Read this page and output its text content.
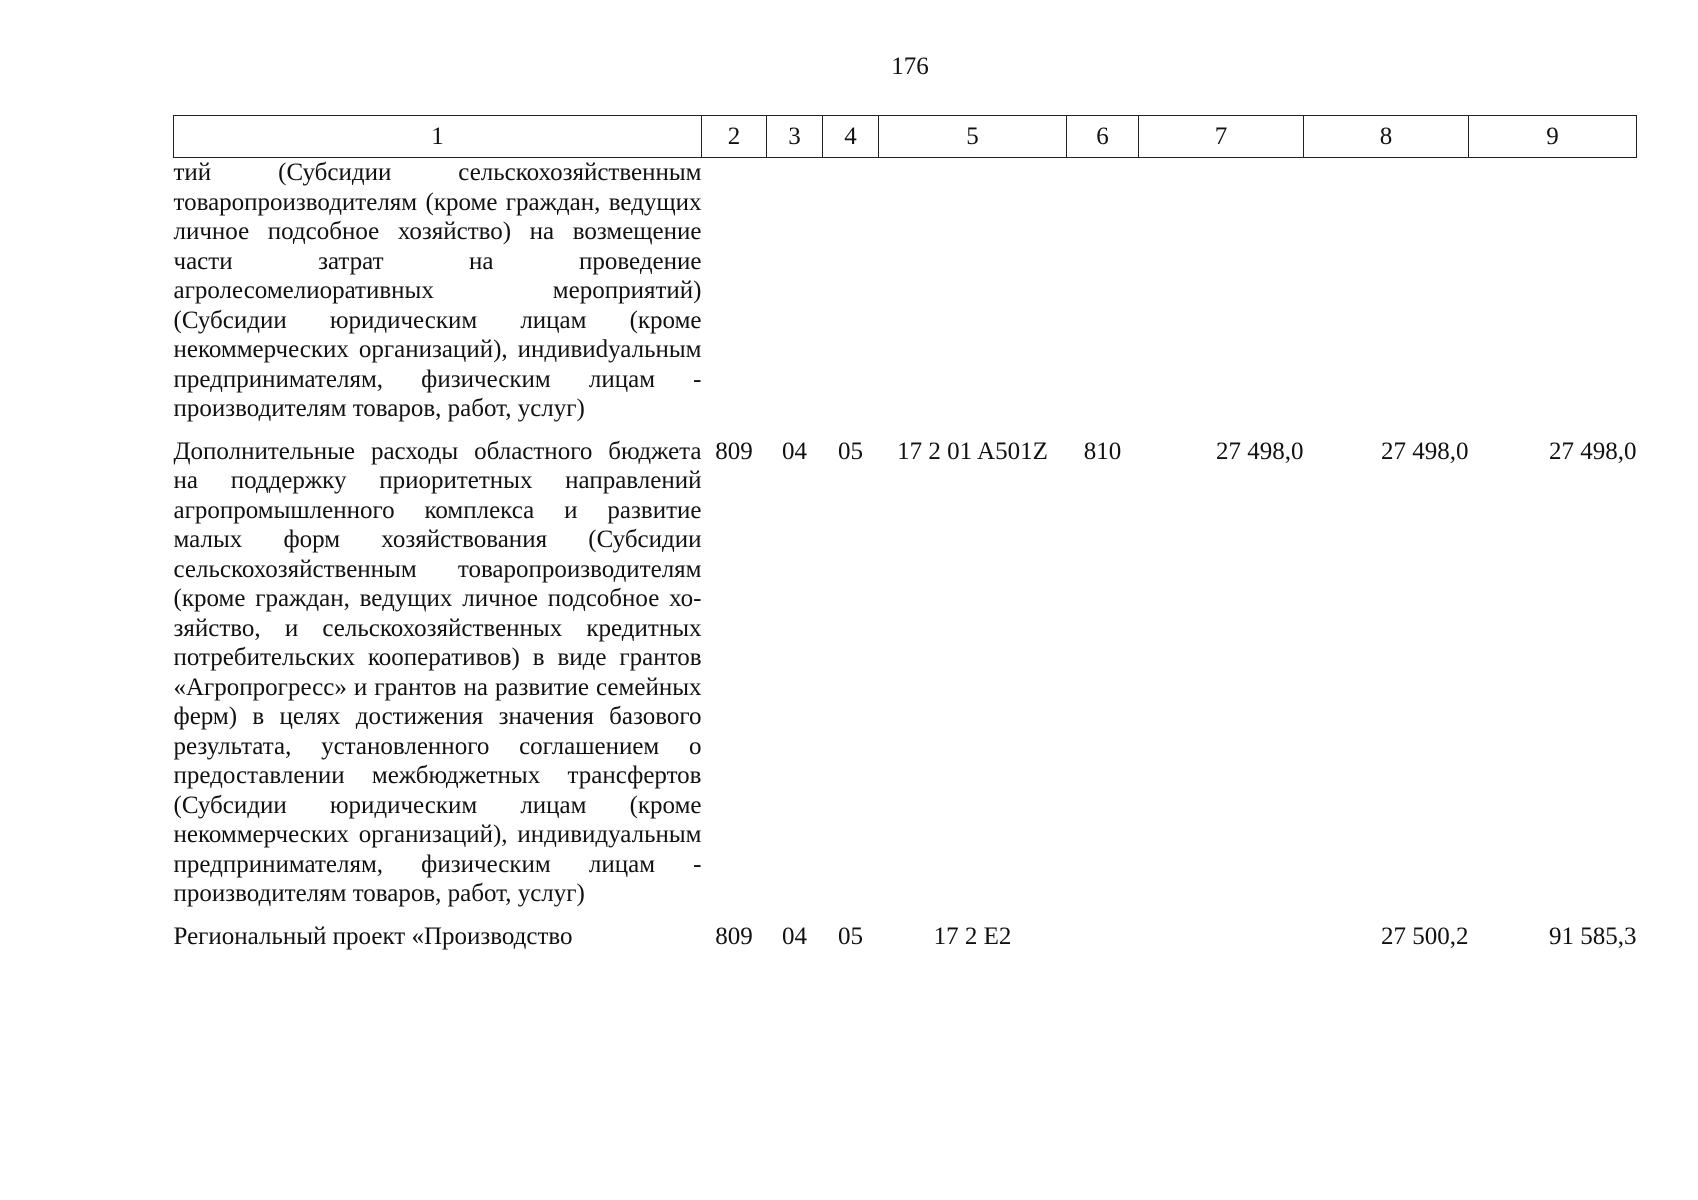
176
1	2	3	4	5	6	7	8	9
тий (Субсидии сельскохозяйственным товаропроизводителям (кроме граждан, ведущих личное подсобное хозяйство) на возмещение части затрат на проведение агролесомелиоративных мероприятий) (Субсидии юридическим лицам (кроме некоммерческих организаций), индивиdуальным предпринимателям, физическим лицам - производителям товаров, работ, услуг)								
Дополнительные расходы областного бюджета на поддержку приоритетных направлений агропромышленного комплекса и развитие малых форм хозяйствования (Субсидии сельскохозяйственным товаропроизводителям (кроме граждан, ведущих личное подсобное хозяйство, и сельскохозяйственных кредитных потребительских кооперативов) в виде грантов «Агропрогресс» и грантов на развитие семейных ферм) в целях достижения значения базового результата, установленного соглашением о предоставлении межбюджетных трансфертов (Субсидии юридическим лицам (кроме некоммерческих организаций), индивидуальным предпринимателям, физическим лицам - производителям товаров, работ, услуг)	809	04	05	17 2 01 A501Z	810	27 498,0	27 498,0	27 498,0
Региональный проект «Производство	809	04	05	17 2 E2			27 500,2	91 585,3
